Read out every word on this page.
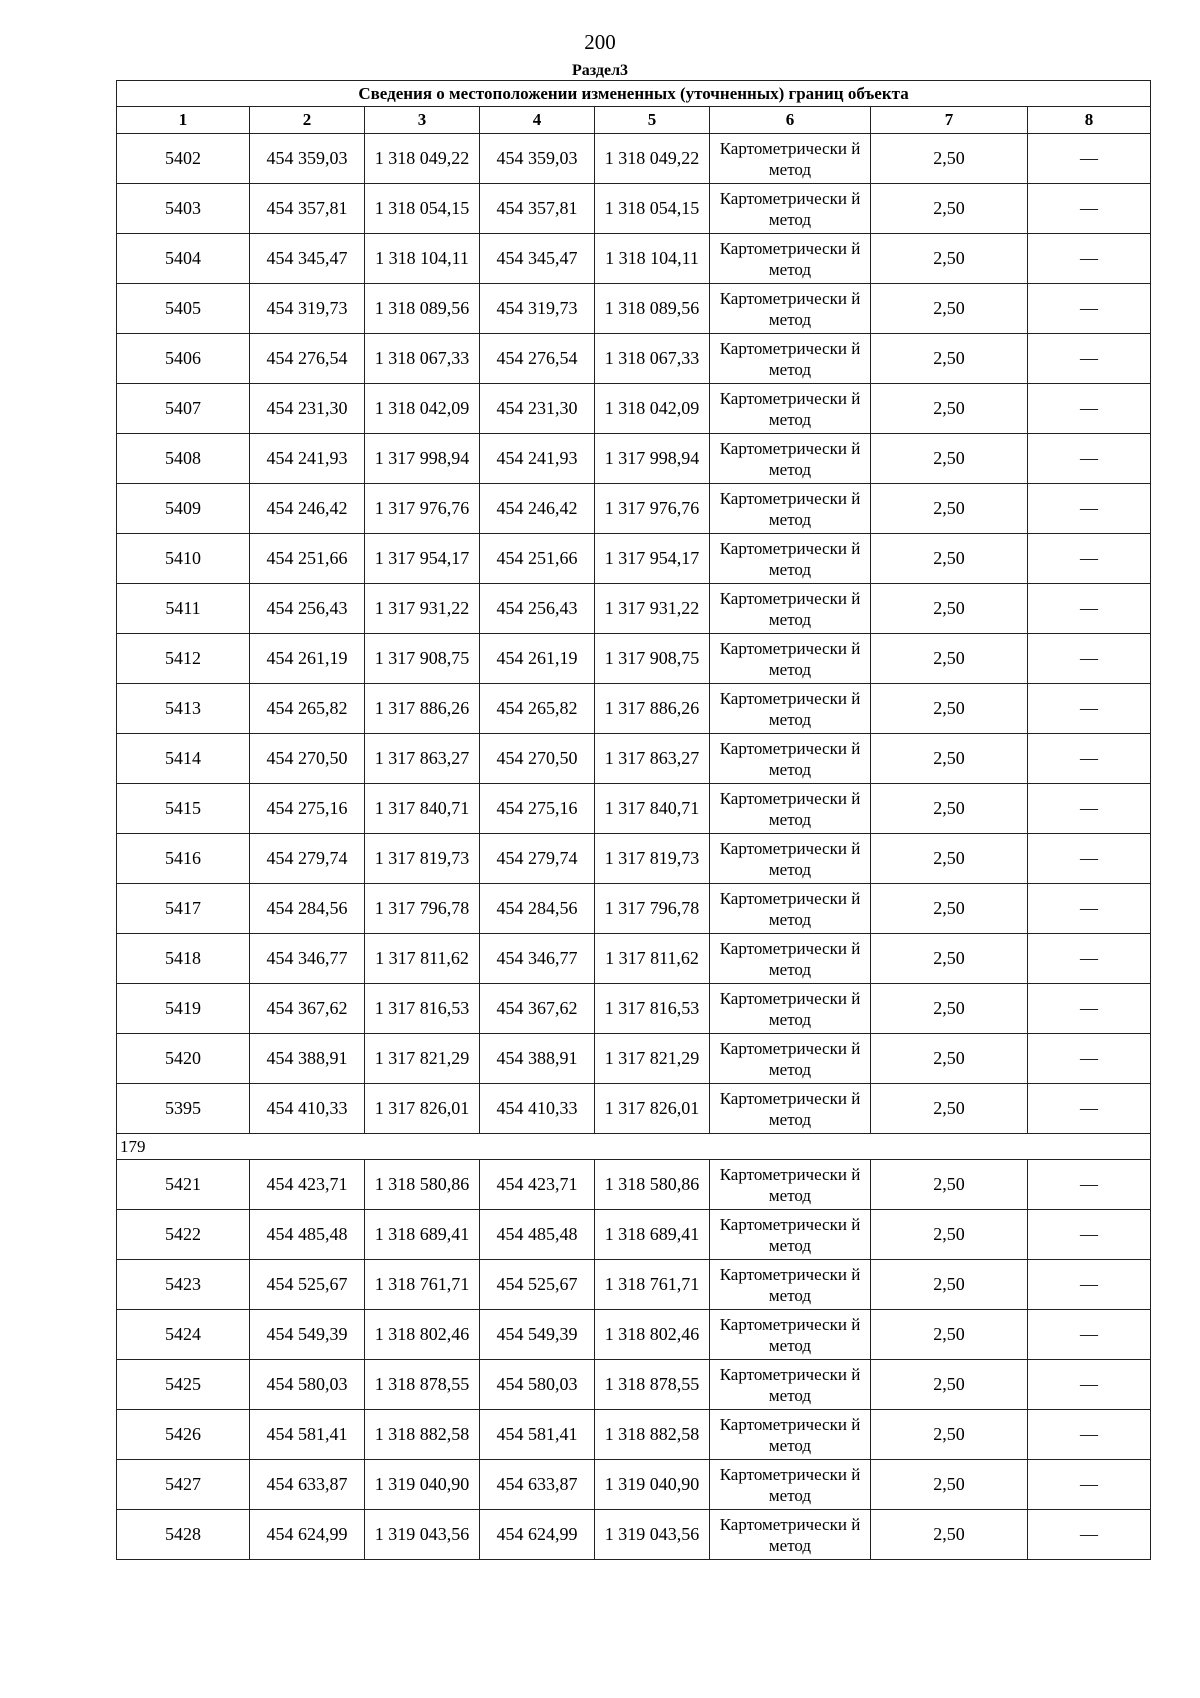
200
Раздел3
Сведения о местоположении измененных (уточненных) границ объекта							
1	2	3	4	5	6	7	8
5402	454 359,03	1 318 049,22	454 359,03	1 318 049,22	Картометрически й метод	2,50	—
5403	454 357,81	1 318 054,15	454 357,81	1 318 054,15	Картометрически й метод	2,50	—
5404	454 345,47	1 318 104,11	454 345,47	1 318 104,11	Картометрически й метод	2,50	—
5405	454 319,73	1 318 089,56	454 319,73	1 318 089,56	Картометрически й метод	2,50	—
5406	454 276,54	1 318 067,33	454 276,54	1 318 067,33	Картометрически й метод	2,50	—
5407	454 231,30	1 318 042,09	454 231,30	1 318 042,09	Картометрически й метод	2,50	—
5408	454 241,93	1 317 998,94	454 241,93	1 317 998,94	Картометрически й метод	2,50	—
5409	454 246,42	1 317 976,76	454 246,42	1 317 976,76	Картометрически й метод	2,50	—
5410	454 251,66	1 317 954,17	454 251,66	1 317 954,17	Картометрически й метод	2,50	—
5411	454 256,43	1 317 931,22	454 256,43	1 317 931,22	Картометрически й метод	2,50	—
5412	454 261,19	1 317 908,75	454 261,19	1 317 908,75	Картометрически й метод	2,50	—
5413	454 265,82	1 317 886,26	454 265,82	1 317 886,26	Картометрически й метод	2,50	—
5414	454 270,50	1 317 863,27	454 270,50	1 317 863,27	Картометрически й метод	2,50	—
5415	454 275,16	1 317 840,71	454 275,16	1 317 840,71	Картометрически й метод	2,50	—
5416	454 279,74	1 317 819,73	454 279,74	1 317 819,73	Картометрически й метод	2,50	—
5417	454 284,56	1 317 796,78	454 284,56	1 317 796,78	Картометрически й метод	2,50	—
5418	454 346,77	1 317 811,62	454 346,77	1 317 811,62	Картометрически й метод	2,50	—
5419	454 367,62	1 317 816,53	454 367,62	1 317 816,53	Картометрически й метод	2,50	—
5420	454 388,91	1 317 821,29	454 388,91	1 317 821,29	Картометрически й метод	2,50	—
5395	454 410,33	1 317 826,01	454 410,33	1 317 826,01	Картометрически й метод	2,50	—
179							
5421	454 423,71	1 318 580,86	454 423,71	1 318 580,86	Картометрически й метод	2,50	—
5422	454 485,48	1 318 689,41	454 485,48	1 318 689,41	Картометрически й метод	2,50	—
5423	454 525,67	1 318 761,71	454 525,67	1 318 761,71	Картометрически й метод	2,50	—
5424	454 549,39	1 318 802,46	454 549,39	1 318 802,46	Картометрически й метод	2,50	—
5425	454 580,03	1 318 878,55	454 580,03	1 318 878,55	Картометрически й метод	2,50	—
5426	454 581,41	1 318 882,58	454 581,41	1 318 882,58	Картометрически й метод	2,50	—
5427	454 633,87	1 319 040,90	454 633,87	1 319 040,90	Картометрически й метод	2,50	—
5428	454 624,99	1 319 043,56	454 624,99	1 319 043,56	Картометрически й метод	2,50	—
